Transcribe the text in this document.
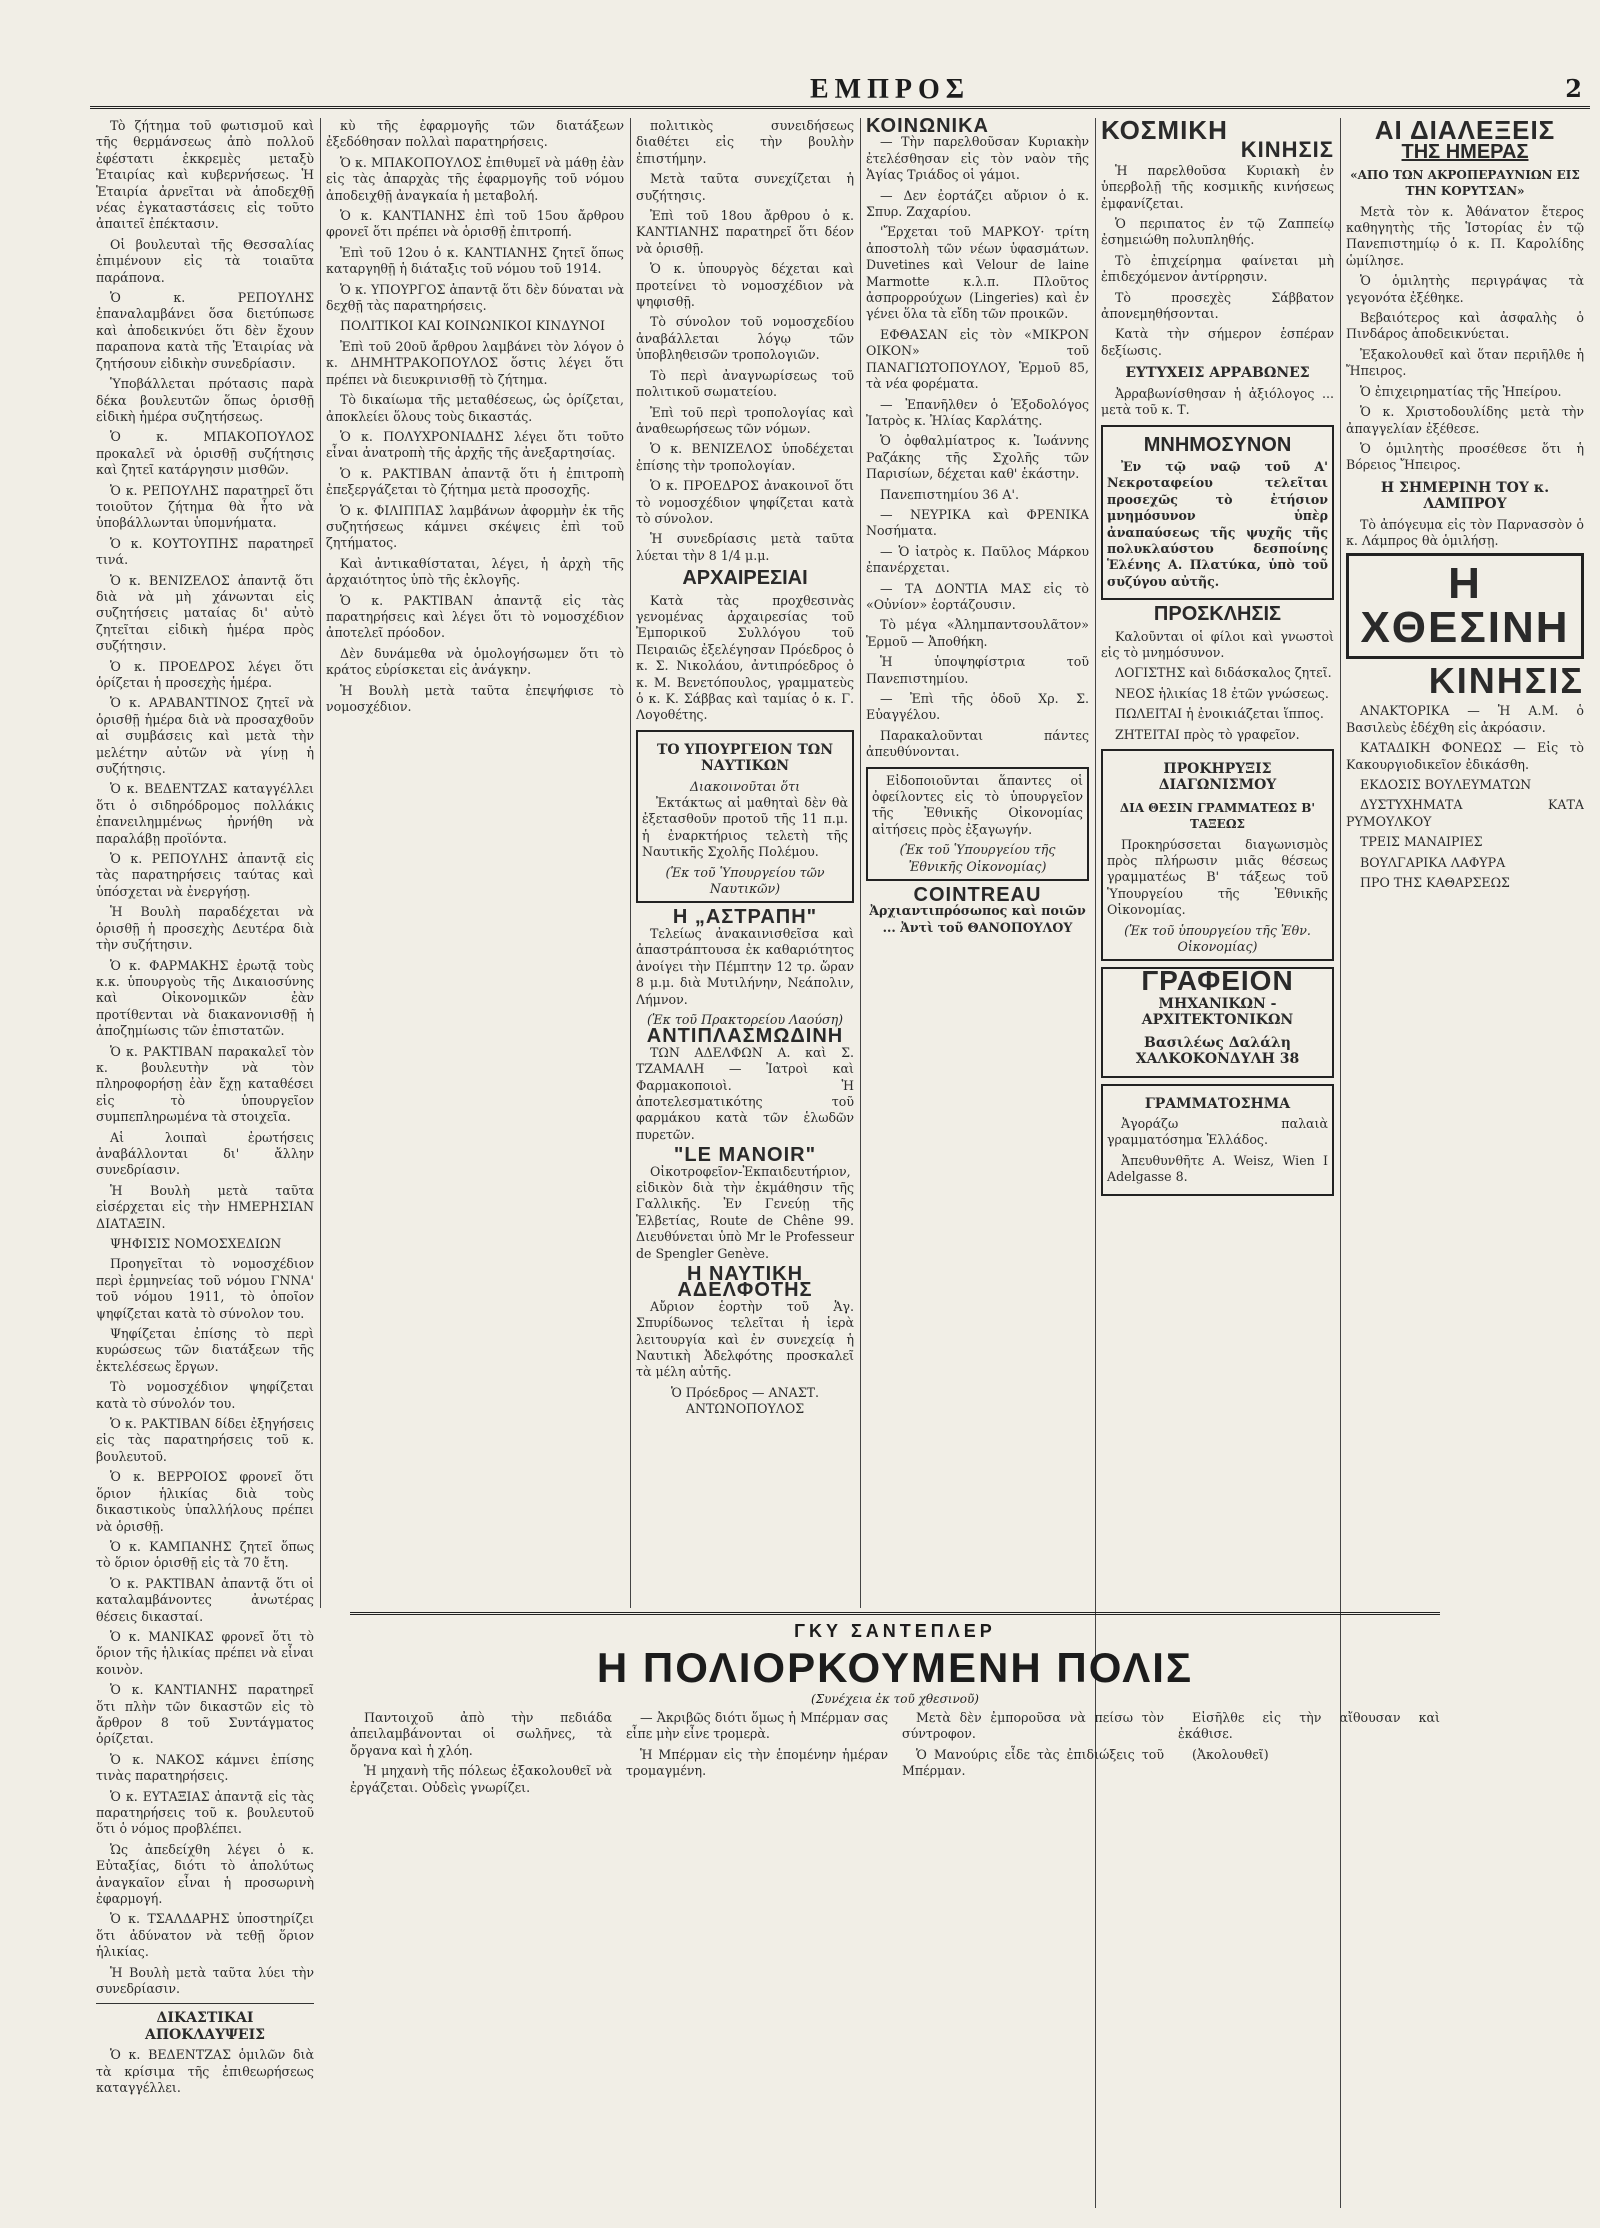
ΕΜΠΡΟΣ	2

Tò ζήτημα τοῦ φωτισμοῦ καὶ τῆς θερμάνσεως ἀπὸ πολλοῦ ἐφέστατι ἐκκρεμὲς μεταξὺ Ἑταιρίας καὶ κυβερνήσεως. Ἡ Ἑταιρία ἀρνεῖται νὰ ἀποδεχθῇ νέας ἐγκαταστάσεις εἰς τοῦτο ἀπαιτεῖ ἐπέκτασιν.

Οἱ βουλευταὶ τῆς Θεσσαλίας ἐπιμένουν εἰς τὰ τοιαῦτα παράπονα.

Ὁ κ. ΡΕΠΟΥΛΗΣ ἐπαναλαμβάνει ὅσα διετύπωσε καὶ ἀποδεικνύει ὅτι δὲν ἔχουν παραπονα κατὰ τῆς Ἑταιρίας νὰ ζητήσουν εἰδικὴν συνεδρίασιν.

Ὑποβάλλεται πρότασις παρὰ δέκα βουλευτῶν ὅπως ὁρισθῇ εἰδικὴ ἡμέρα συζητήσεως.

Ὁ κ. ΜΠΑΚΟΠΟΥΛΟΣ προκαλεῖ νὰ ὁρισθῇ συζήτησις καὶ ζητεῖ κατάργησιν μισθῶν.

Ὁ κ. ΡΕΠΟΥΛΗΣ παρατηρεῖ ὅτι τοιοῦτον ζήτημα θὰ ἦτο νὰ ὑποβάλλωνται ὑπομνήματα.

Ὁ κ. ΚΟΥΤΟΥΠΗΣ παρατηρεῖ τινά.

Ὁ κ. ΒΕΝΙΖΕΛΟΣ ἀπαντᾷ ὅτι διὰ νὰ μὴ χάνωνται εἰς συζητήσεις ματαίας δι' αὐτὸ ζητεῖται εἰδικὴ ἡμέρα πρὸς συζήτησιν.

Ὁ κ. ΠΡΟΕΔΡΟΣ λέγει ὅτι ὁρίζεται ἡ προσεχὴς ἡμέρα.

Ὁ κ. ΑΡΑΒΑΝΤΙΝΟΣ ζητεῖ νὰ ὁρισθῇ ἡμέρα διὰ νὰ προσαχθοῦν αἱ συμβάσεις καὶ μετὰ τὴν μελέτην αὐτῶν νὰ γίνῃ ἡ συζήτησις.

Ὁ κ. ΒΕΔΕΝΤΖΑΣ καταγγέλλει ὅτι ὁ σιδηρόδρομος πολλάκις ἐπανειλημμένως ἠρνήθη νὰ παραλάβῃ προϊόντα.

Ὁ κ. ΡΕΠΟΥΛΗΣ ἀπαντᾷ εἰς τὰς παρατηρήσεις ταύτας καὶ ὑπόσχεται νὰ ἐνεργήσῃ.

Ἡ Βουλὴ παραδέχεται νὰ ὁρισθῇ ἡ προσεχὴς Δευτέρα διὰ τὴν συζήτησιν.

Ὁ κ. ΦΑΡΜΑΚΗΣ ἐρωτᾷ τοὺς κ.κ. ὑπουργοὺς τῆς Δικαιοσύνης καὶ Οἰκονομικῶν ἐὰν προτίθενται νὰ διακανονισθῇ ἡ ἀποζημίωσις τῶν ἐπιστατῶν.

Ὁ κ. ΡΑΚΤΙΒΑΝ παρακαλεῖ τὸν κ. βουλευτὴν νὰ τὸν πληροφορήσῃ ἐὰν ἔχῃ καταθέσει εἰς τὸ ὑπουργεῖον συμπεπληρωμένα τὰ στοιχεῖα.

Αἱ λοιπαὶ ἐρωτήσεις ἀναβάλλονται δι' ἄλλην συνεδρίασιν.

Ἡ Βουλὴ μετὰ ταῦτα εἰσέρχεται εἰς τὴν ΗΜΕΡΗΣΙΑΝ ΔΙΑΤΑΞΙΝ.

ΨΗΦΙΣΙΣ ΝΟΜΟΣΧΕΔΙΩΝ

Προηγεῖται τὸ νομοσχέδιον περὶ ἑρμηνείας τοῦ νόμου ΓΝΝΑ' τοῦ νόμου 1911, τὸ ὁποῖον ψηφίζεται κατὰ τὸ σύνολον του.

Ψηφίζεται ἐπίσης τὸ περὶ κυρώσεως τῶν διατάξεων τῆς ἐκτελέσεως ἔργων.

Τὸ νομοσχέδιον ψηφίζεται κατὰ τὸ σύνολόν του.

Ὁ κ. ΡΑΚΤΙΒΑΝ δίδει ἐξηγήσεις εἰς τὰς παρατηρήσεις τοῦ κ. βουλευτοῦ.

Ὁ κ. ΒΕΡΡΟΙΟΣ φρονεῖ ὅτι ὅριον ἡλικίας διὰ τοὺς δικαστικοὺς ὑπαλλήλους πρέπει νὰ ὁρισθῇ.

Ὁ κ. ΚΑΜΠΑΝΗΣ ζητεῖ ὅπως τὸ ὅριον ὁρισθῇ εἰς τὰ 70 ἔτη.

Ὁ κ. ΡΑΚΤΙΒΑΝ ἀπαντᾷ ὅτι οἱ καταλαμβάνοντες ἀνωτέρας θέσεις δικασταί.

Ὁ κ. ΜΑΝΙΚΑΣ φρονεῖ ὅτι τὸ ὅριον τῆς ἡλικίας πρέπει νὰ εἶναι κοινὸν.

Ὁ κ. ΚΑΝΤΙΑΝΗΣ παρατηρεῖ ὅτι πλὴν τῶν δικαστῶν εἰς τὸ ἄρθρον 8 τοῦ Συντάγματος ὁρίζεται.

Ὁ κ. ΝΑΚΟΣ κάμνει ἐπίσης τινὰς παρατηρήσεις.

Ὁ κ. ΕΥΤΑΞΙΑΣ ἀπαντᾷ εἰς τὰς παρατηρήσεις τοῦ κ. βουλευτοῦ ὅτι ὁ νόμος προβλέπει.

Ὡς ἀπεδείχθη λέγει ὁ κ. Εὐταξίας, διότι τὸ ἀπολύτως ἀναγκαῖον εἶναι ἡ προσωρινὴ ἐφαρμογή.

Ὁ κ. ΤΣΑΛΔΑΡΗΣ ὑποστηρίζει ὅτι ἀδύνατον νὰ τεθῇ ὅριον ἡλικίας.

Ἡ Βουλὴ μετὰ ταῦτα λύει τὴν συνεδρίασιν.

ΔΙΚΑΣΤΙΚΑΙ ΑΠΟΚΛΑΥΨΕΙΣ

Ὁ κ. ΒΕΔΕΝΤΖΑΣ ὁμιλῶν διὰ τὰ κρίσιμα τῆς ἐπιθεωρήσεως καταγγέλλει.

κὺ τῆς ἐφαρμογῆς τῶν διατάξεων ἐξεδόθησαν πολλαὶ παρατηρήσεις.

Ὁ κ. ΜΠΑΚΟΠΟΥΛΟΣ ἐπιθυμεῖ νὰ μάθῃ ἐὰν εἰς τὰς ἀπαρχὰς τῆς ἐφαρμογῆς τοῦ νόμου ἀποδειχθῇ ἀναγκαία ἡ μεταβολή.

Ὁ κ. ΚΑΝΤΙΑΝΗΣ ἐπὶ τοῦ 15ου ἄρθρου φρονεῖ ὅτι πρέπει νὰ ὁρισθῇ ἐπιτροπή.

Ἐπὶ τοῦ 12ου ὁ κ. ΚΑΝΤΙΑΝΗΣ ζητεῖ ὅπως καταργηθῇ ἡ διάταξις τοῦ νόμου τοῦ 1914.

Ὁ κ. ΥΠΟΥΡΓΟΣ ἀπαντᾷ ὅτι δὲν δύναται νὰ δεχθῇ τὰς παρατηρήσεις.

ΠΟΛΙΤΙΚΟΙ ΚΑΙ ΚΟΙΝΩΝΙΚΟΙ ΚΙΝΔΥΝΟΙ

Ἐπὶ τοῦ 20οῦ ἄρθρου λαμβάνει τὸν λόγον ὁ κ. ΔΗΜΗΤΡΑΚΟΠΟΥΛΟΣ ὅστις λέγει ὅτι πρέπει νὰ διευκρινισθῇ τὸ ζήτημα.

Τὸ δικαίωμα τῆς μεταθέσεως, ὡς ὁρίζεται, ἀποκλείει ὅλους τοὺς δικαστάς.

Ὁ κ. ΠΟΛΥΧΡΟΝΙΑΔΗΣ λέγει ὅτι τοῦτο εἶναι ἀνατροπὴ τῆς ἀρχῆς τῆς ἀνεξαρτησίας.

Ὁ κ. ΡΑΚΤΙΒΑΝ ἀπαντᾷ ὅτι ἡ ἐπιτροπὴ ἐπεξεργάζεται τὸ ζήτημα μετὰ προσοχῆς.

Ὁ κ. ΦΙΛΙΠΠΑΣ λαμβάνων ἀφορμὴν ἐκ τῆς συζητήσεως κάμνει σκέψεις ἐπὶ τοῦ ζητήματος.

Καὶ ἀντικαθίσταται, λέγει, ἡ ἀρχὴ τῆς ἀρχαιότητος ὑπὸ τῆς ἐκλογῆς.

Ὁ κ. ΡΑΚΤΙΒΑΝ ἀπαντᾷ εἰς τὰς παρατηρήσεις καὶ λέγει ὅτι τὸ νομοσχέδιον ἀποτελεῖ πρόοδον.

Δὲν δυνάμεθα νὰ ὁμολογήσωμεν ὅτι τὸ κράτος εὑρίσκεται εἰς ἀνάγκην.

Ἡ Βουλὴ μετὰ ταῦτα ἐπεψήφισε τὸ νομοσχέδιον.

πολιτικὸς συνειδήσεως διαθέτει εἰς τὴν βουλὴν ἐπιστήμην.

Μετὰ ταῦτα συνεχίζεται ἡ συζήτησις.

Ἐπὶ τοῦ 18ου ἄρθρου ὁ κ. ΚΑΝΤΙΑΝΗΣ παρατηρεῖ ὅτι δέον νὰ ὁρισθῇ.

Ὁ κ. ὑπουργὸς δέχεται καὶ προτείνει τὸ νομοσχέδιον νὰ ψηφισθῇ.

Τὸ σύνολον τοῦ νομοσχεδίου ἀναβάλλεται λόγῳ τῶν ὑποβληθεισῶν τροπολογιῶν.

Τὸ περὶ ἀναγνωρίσεως τοῦ πολιτικοῦ σωματείου.

Ἐπὶ τοῦ περὶ τροπολογίας καὶ ἀναθεωρήσεως τῶν νόμων.

Ὁ κ. ΒΕΝΙΖΕΛΟΣ ὑποδέχεται ἐπίσης τὴν τροπολογίαν.

Ὁ κ. ΠΡΟΕΔΡΟΣ ἀνακοινοῖ ὅτι τὸ νομοσχέδιον ψηφίζεται κατὰ τὸ σύνολον.

Ἡ συνεδρίασις μετὰ ταῦτα λύεται τὴν 8 1/4 μ.μ.

ΑΡΧΑΙΡΕΣΙΑΙ

Κατὰ τὰς προχθεσινὰς γενομένας ἀρχαιρεσίας τοῦ Ἐμπορικοῦ Συλλόγου τοῦ Πειραιῶς ἐξελέγησαν Πρόεδρος ὁ κ. Σ. Νικολάου, ἀντιπρόεδρος ὁ κ. Μ. Βενετόπουλος, γραμματεὺς ὁ κ. Κ. Σάββας καὶ ταμίας ὁ κ. Γ. Λογοθέτης.

ΤΟ ΥΠΟΥΡΓΕΙΟΝ ΤΩΝ ΝΑΥΤΙΚΩΝ
Διακοινοῦται ὅτι

Ἐκτάκτως αἱ μαθηταὶ δὲν θὰ ἐξετασθοῦν προτοῦ τῆς 11 π.μ. ἡ ἐναρκτήριος τελετὴ τῆς Ναυτικῆς Σχολῆς Πολέμου.

(Ἐκ τοῦ Ὑπουργείου τῶν Ναυτικῶν)
Η „ΑΣΤΡΑΠΗ"

Τελείως ἀνακαινισθεῖσα καὶ ἀπαστράπτουσα ἐκ καθαριότητος ἀνοίγει τὴν Πέμπτην 12 τρ. ὥραν 8 μ.μ. διὰ Μυτιλήνην, Νεάπολιν, Λήμνον.

(Ἐκ τοῦ Πρακτορείου Λαούση)
ΑΝΤΙΠΛΑΣΜΩΔΙΝΗ

ΤΩΝ ΑΔΕΛΦΩΝ Α. καὶ Σ. ΤΖΑΜΑΛΗ — Ἰατροὶ καὶ Φαρμακοποιοὶ. Ἡ ἀποτελεσματικότης τοῦ φαρμάκου κατὰ τῶν ἑλωδῶν πυρετῶν.

"LE MANOIR"

Οἰκοτροφεῖον-Ἐκπαιδευτήριον, εἰδικὸν διὰ τὴν ἐκμάθησιν τῆς Γαλλικῆς. Ἐν Γενεύῃ τῆς Ἑλβετίας, Route de Chêne 99. Διευθύνεται ὑπὸ Mr le Professeur de Spengler Genève.

Η ΝΑΥΤΙΚΗ ΑΔΕΛΦΟΤΗΣ

Αὔριον ἑορτὴν τοῦ Ἁγ. Σπυρίδωνος τελεῖται ἡ ἱερὰ λειτουργία καὶ ἐν συνεχείᾳ ἡ Ναυτικὴ Ἀδελφότης προσκαλεῖ τὰ μέλη αὐτῆς.

Ὁ Πρόεδρος — ΑΝΑΣΤ. ΑΝΤΩΝΟΠΟΥΛΟΣ
ΚΟΙΝΩΝΙΚΑ

— Τὴν παρελθοῦσαν Κυριακὴν ἐτελέσθησαν εἰς τὸν ναὸν τῆς Ἁγίας Τριάδος οἱ γάμοι.

— Δεν ἐορτάζει αὔριον ὁ κ. Σπυρ. Ζαχαρίου.

'Ἔρχεται τοῦ ΜΑΡΚΟΥ· τρίτη ἀποστολὴ τῶν νέων ὑφασμάτων. Duvetines καὶ Velour de laine Marmotte κ.λ.π. Πλοῦτος ἀσπρορρούχων (Lingeries) καὶ ἐν γένει ὅλα τὰ εἴδη τῶν προικῶν.

ΕΦΘΑΣΑΝ εἰς τὸν «ΜΙΚΡΟΝ ΟΙΚΟΝ» τοῦ ΠΑΝΑΓΙΩΤΟΠΟΥΛΟΥ, Ἑρμοῦ 85, τὰ νέα φορέματα.

— Ἐπανῆλθεν ὁ Ἐξοδολόγος Ἰατρὸς κ. Ἠλίας Καρλάτης.

Ὁ ὀφθαλμίατρος κ. Ἰωάννης Ραζάκης τῆς Σχολῆς τῶν Παρισίων, δέχεται καθ' ἑκάστην.

Πανεπιστημίου 36 Α'.

— ΝΕΥΡΙΚΑ καὶ ΦΡΕΝΙΚΑ Νοσήματα.

— Ὁ ἰατρὸς κ. Παῦλος Μάρκου ἐπανέρχεται.

— ΤΑ ΔΟΝΤΙΑ ΜΑΣ εἰς τὸ «Οὐνίον» ἑορτάζουσιν.

Τὸ μέγα «Ἀλημπαντσουλᾶτον» Ἑρμοῦ — Ἀποθήκη.

Ἡ ὑποψηφίστρια τοῦ Πανεπιστημίου.

— Ἐπὶ τῆς ὁδοῦ Χρ. Σ. Εὐαγγέλου.

Παρακαλοῦνται πάντες ἀπευθύνονται.

Εἰδοποιοῦνται ἅπαντες οἱ ὀφείλοντες εἰς τὸ ὑπουργεῖον τῆς Ἐθνικῆς Οἰκονομίας αἰτήσεις πρὸς ἐξαγωγήν.

(Ἐκ τοῦ Ὑπουργείου τῆς Ἐθνικῆς Οἰκονομίας)
COINTREAU
Ἀρχιαντιπρόσωπος καὶ ποιῶν ... Ἀντὶ τοῦ ΘΑΝΟΠΟΥΛΟΥ
ΚΟΣΜΙΚΗ
ΚΙΝΗΣΙΣ

Ἡ παρελθοῦσα Κυριακὴ ἐν ὑπερβολῇ τῆς κοσμικῆς κινήσεως ἐμφανίζεται.

Ὁ περιπατος ἐν τῷ Ζαππείῳ ἐσημειώθη πολυπληθής.

Τὸ ἐπιχείρημα φαίνεται μὴ ἐπιδεχόμενον ἀντίρρησιν.

Τὸ προσεχὲς Σάββατον ἀπονεμηθήσονται.

Κατὰ τὴν σήμερον ἑσπέραν δεξίωσις.

ΕΥΤΥΧΕΙΣ ΑΡΡΑΒΩΝΕΣ

Ἀρραβωνίσθησαν ἡ ἀξιόλογος ... μετὰ τοῦ κ. Τ.

ΜΝΗΜΟΣΥΝΟΝ

Ἐν τῷ ναῷ τοῦ Α' Νεκροταφείου τελεῖται προσεχῶς τὸ ἐτήσιον μνημόσυνον ὑπὲρ ἀναπαύσεως τῆς ψυχῆς τῆς πολυκλαύστου δεσποίνης Ἑλένης Α. Πλατύκα, ὑπὸ τοῦ συζύγου αὐτῆς.

ΠΡΟΣΚΛΗΣΙΣ

Καλοῦνται οἱ φίλοι καὶ γνωστοὶ εἰς τὸ μνημόσυνον.

ΛΟΓΙΣΤΗΣ καὶ διδάσκαλος ζητεῖ.

ΝΕΟΣ ἡλικίας 18 ἐτῶν γνώσεως.

ΠΩΛΕΙΤΑΙ ἡ ἐνοικιάζεται ἵππος.

ΖΗΤΕΙΤΑΙ πρὸς τὸ γραφεῖον.

ΠΡΟΚΗΡΥΞΙΣ ΔΙΑΓΩΝΙΣΜΟΥ
ΔΙΑ ΘΕΣΙΝ ΓΡΑΜΜΑΤΕΩΣ Β' ΤΑΞΕΩΣ

Προκηρύσσεται διαγωνισμὸς πρὸς πλήρωσιν μιᾶς θέσεως γραμματέως Β' τάξεως τοῦ Ὑπουργείου τῆς Ἐθνικῆς Οἰκονομίας.

(Ἐκ τοῦ ὑπουργείου τῆς Ἐθν. Οἰκονομίας)
ΓΡΑΦΕΙΟΝ
ΜΗΧΑΝΙΚΩΝ - ΑΡΧΙΤΕΚΤΟΝΙΚΩΝ
Βασιλέως Δαλάλη ΧΑΛΚΟΚΟΝΔΥΛΗ 38
ΓΡΑΜΜΑΤΟΣΗΜΑ

Ἀγοράζω παλαιὰ γραμματόσημα Ἑλλάδος.

Ἀπευθυνθῆτε A. Weisz, Wien I Adelgasse 8.

ΑΙ ΔΙΑΛΕΞΕΙΣ
ΤΗΣ ΗΜΕΡΑΣ
«ΑΠΟ ΤΩΝ ΑΚΡΟΠΕΡΑΥΝΙΩΝ ΕΙΣ ΤΗΝ ΚΟΡΥΤΣΑΝ»

Μετὰ τὸν κ. Ἀθάνατον ἔτερος καθηγητὴς τῆς Ἱστορίας ἐν τῷ Πανεπιστημίῳ ὁ κ. Π. Καρολίδης ὡμίλησε.

Ὁ ὁμιλητὴς περιγράψας τὰ γεγονότα ἐξέθηκε.

Βεβαιότερος καὶ ἀσφαλὴς ὁ Πινδάρος ἀποδεικνύεται.

Ἐξακολουθεῖ καὶ ὅταν περιῆλθε ἡ Ἤπειρος.

Ὁ ἐπιχειρηματίας τῆς Ἠπείρου.

Ὁ κ. Χριστοδουλίδης μετὰ τὴν ἀπαγγελίαν ἐξέθεσε.

Ὁ ὁμιλητὴς προσέθεσε ὅτι ἡ Βόρειος Ἤπειρος.

Η ΣΗΜΕΡΙΝΗ ΤΟΥ κ. ΛΑΜΠΡΟΥ

Τὸ ἀπόγευμα εἰς τὸν Παρνασσὸν ὁ κ. Λάμπρος θὰ ὁμιλήσῃ.

Η ΧΘΕΣΙΝΗ
ΚΙΝΗΣΙΣ

ΑΝΑΚΤΟΡΙΚΑ — Ἡ Α.Μ. ὁ Βασιλεὺς ἐδέχθη εἰς ἀκρόασιν.

ΚΑΤΑΔΙΚΗ ΦΟΝΕΩΣ — Εἰς τὸ Κακουργιοδικεῖον ἐδικάσθη.

ΕΚΔΟΣΙΣ ΒΟΥΛΕΥΜΑΤΩΝ

ΔΥΣΤΥΧΗΜΑΤΑ ΚΑΤΑ ΡΥΜΟΥΛΚΟΥ

ΤΡΕΙΣ ΜΑΝΑΙΡΙΕΣ

ΒΟΥΛΓΑΡΙΚΑ ΛΑΦΥΡΑ

ΠΡΟ ΤΗΣ ΚΑΘΑΡΣΕΩΣ

ΓΚΥ ΣΑΝΤΕΠΛΕΡ
Η ΠΟΛΙΟΡΚΟΥΜΕΝΗ ΠΟΛΙΣ
(Συνέχεια ἐκ τοῦ χθεσινοῦ)

Παντοιχοῦ ἀπὸ τὴν πεδιάδα ἀπειλαμβάνονται οἱ σωλῆνες, τὰ ὄργανα καὶ ἡ χλόη.

Ἡ μηχανὴ τῆς πόλεως ἐξακολουθεῖ νὰ ἐργάζεται. Οὐδεὶς γνωρίζει.

— Ἀκριβῶς διότι ὅμως ἡ Μπέρμαν σας εἶπε μὴν εἶνε τρομερὰ.

Ἡ Μπέρμαν εἰς τὴν ἑπομένην ἡμέραν τρομαγμένη.

Μετὰ δὲν ἐμποροῦσα νὰ πείσω τὸν σύντροφον.

Ὁ Μανούρις εἶδε τὰς ἐπιδιώξεις τοῦ Μπέρμαν.

Εἰσῆλθε εἰς τὴν αἴθουσαν καὶ ἐκάθισε.

(Ἀκολουθεῖ)
